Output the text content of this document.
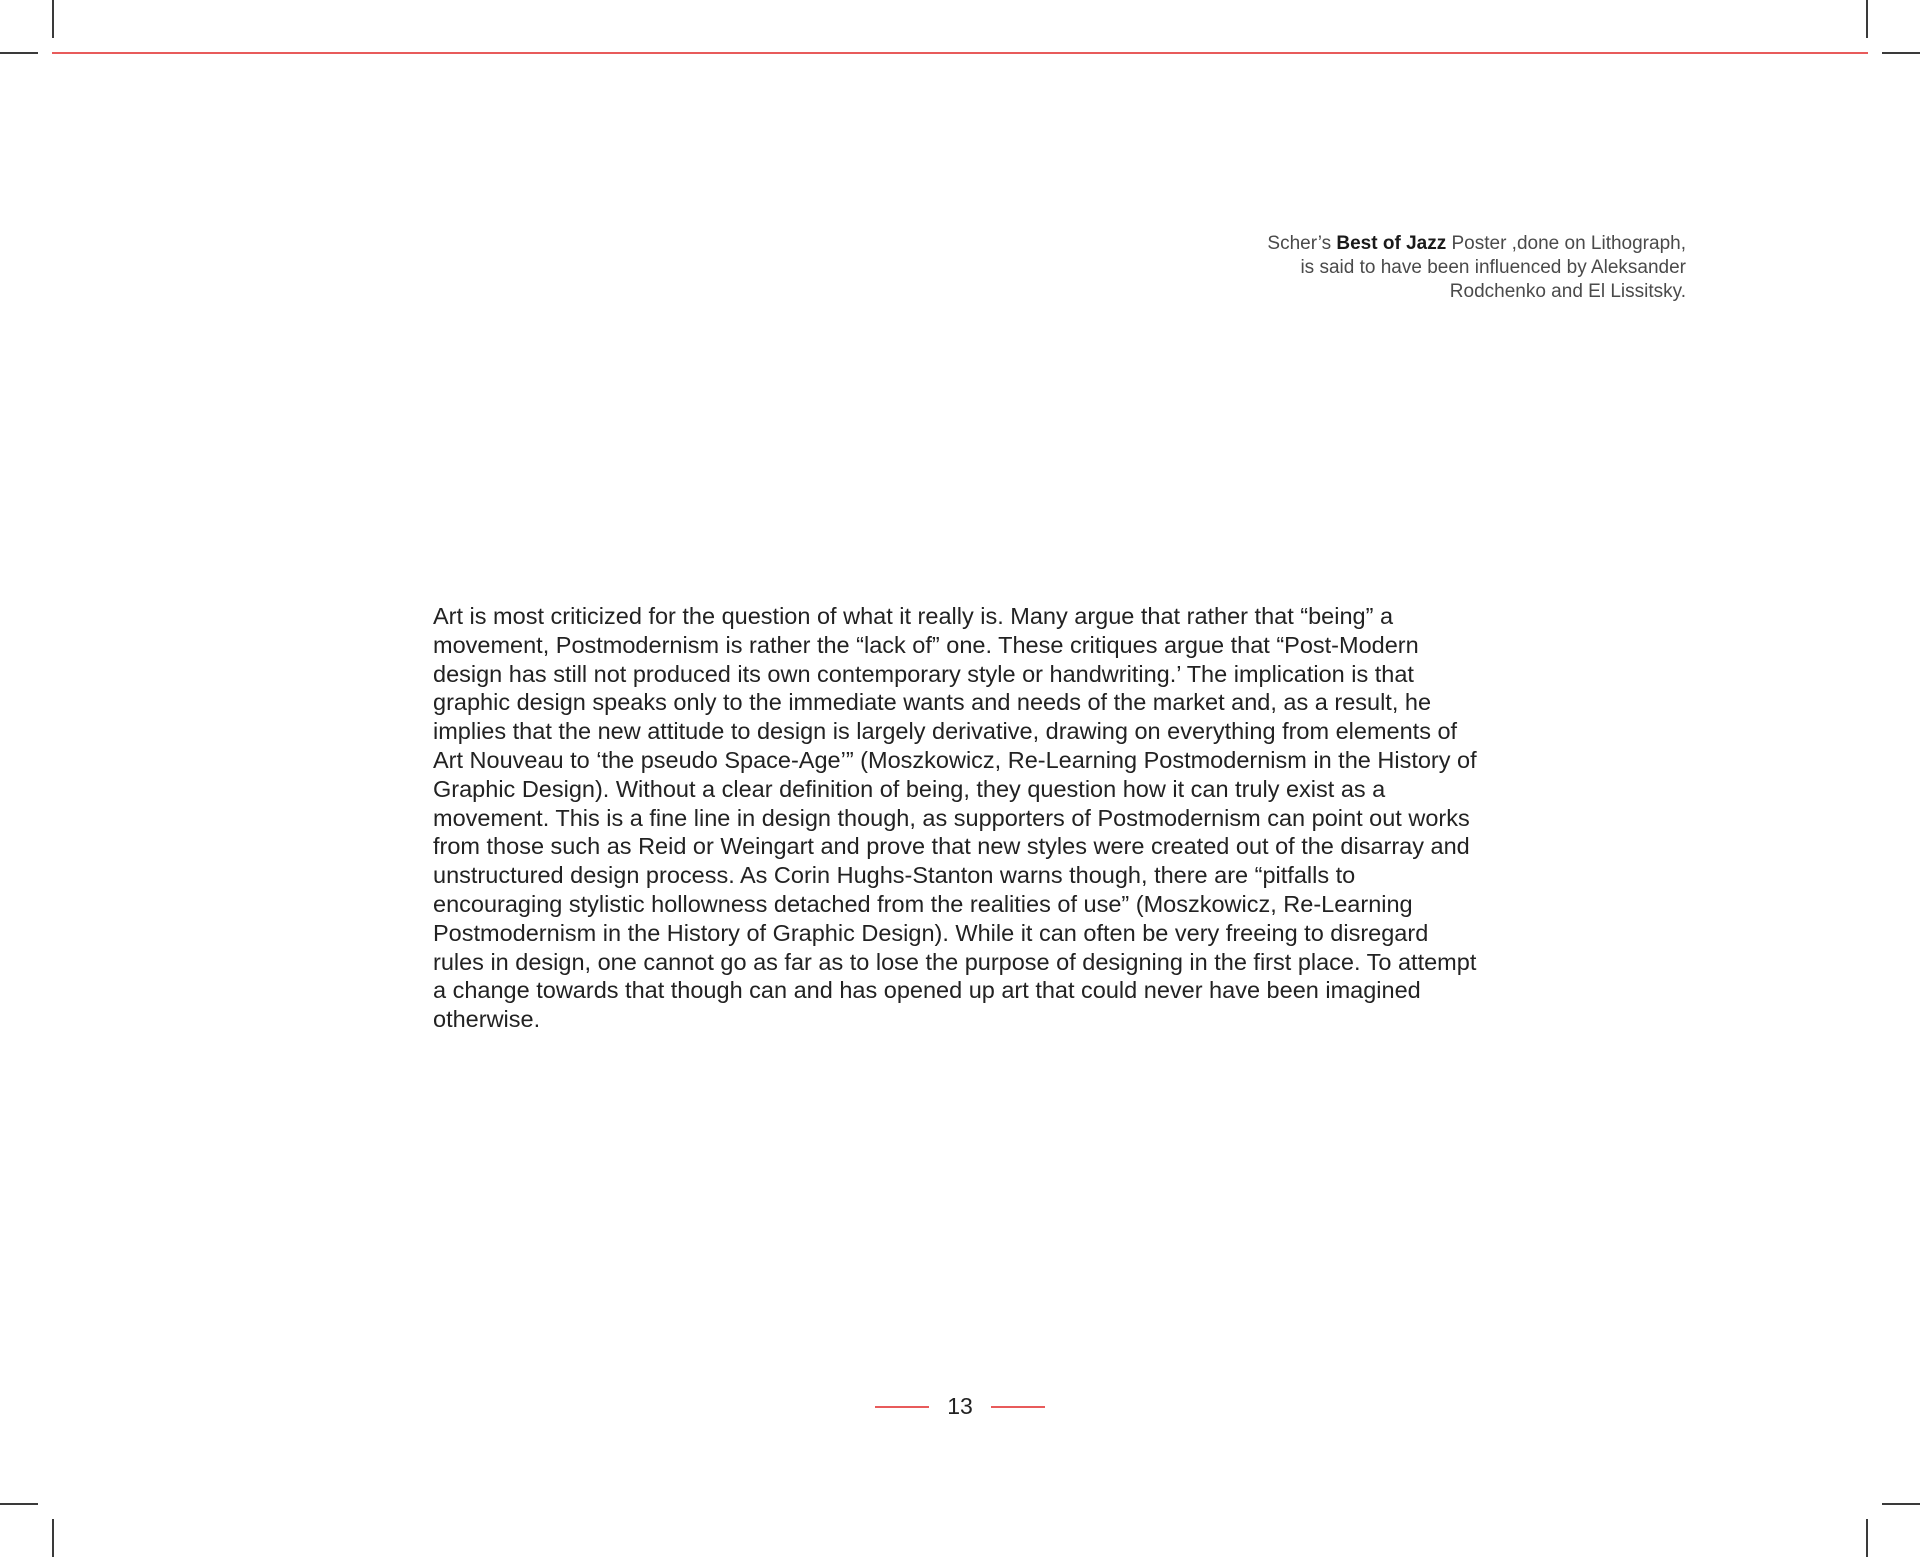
Scher’s Best of Jazz Poster ,done on Lithograph,
is said to have been influenced by Aleksander
Rodchenko and El Lissitsky.

Art is most criticized for the question of what it really is. Many argue that rather that “being” a movement, Postmodernism is rather the “lack of” one. These critiques argue that “Post-Modern design has still not produced its own contemporary style or handwriting.’ The implication is that graphic design speaks only to the immediate wants and needs of the market and, as a result, he implies that the new attitude to design is largely derivative, drawing on everything from elements of Art Nouveau to ‘the pseudo Space-Age’” (Moszkowicz, Re-Learning Postmodernism in the History of Graphic Design). Without a clear definition of being, they question how it can truly exist as a movement. This is a fine line in design though, as supporters of Postmodernism can point out works from those such as Reid or Weingart and prove that new styles were created out of the disarray and unstructured design process. As Corin Hughs-Stanton warns though, there are “pitfalls to encouraging stylistic hollowness detached from the realities of use” (Moszkowicz, Re-Learning Postmodernism in the History of Graphic Design). While it can often be very freeing to disregard rules in design, one cannot go as far as to lose the purpose of designing in the first place. To attempt a change towards that though can and has opened up art that could never have been imagined otherwise.

13
